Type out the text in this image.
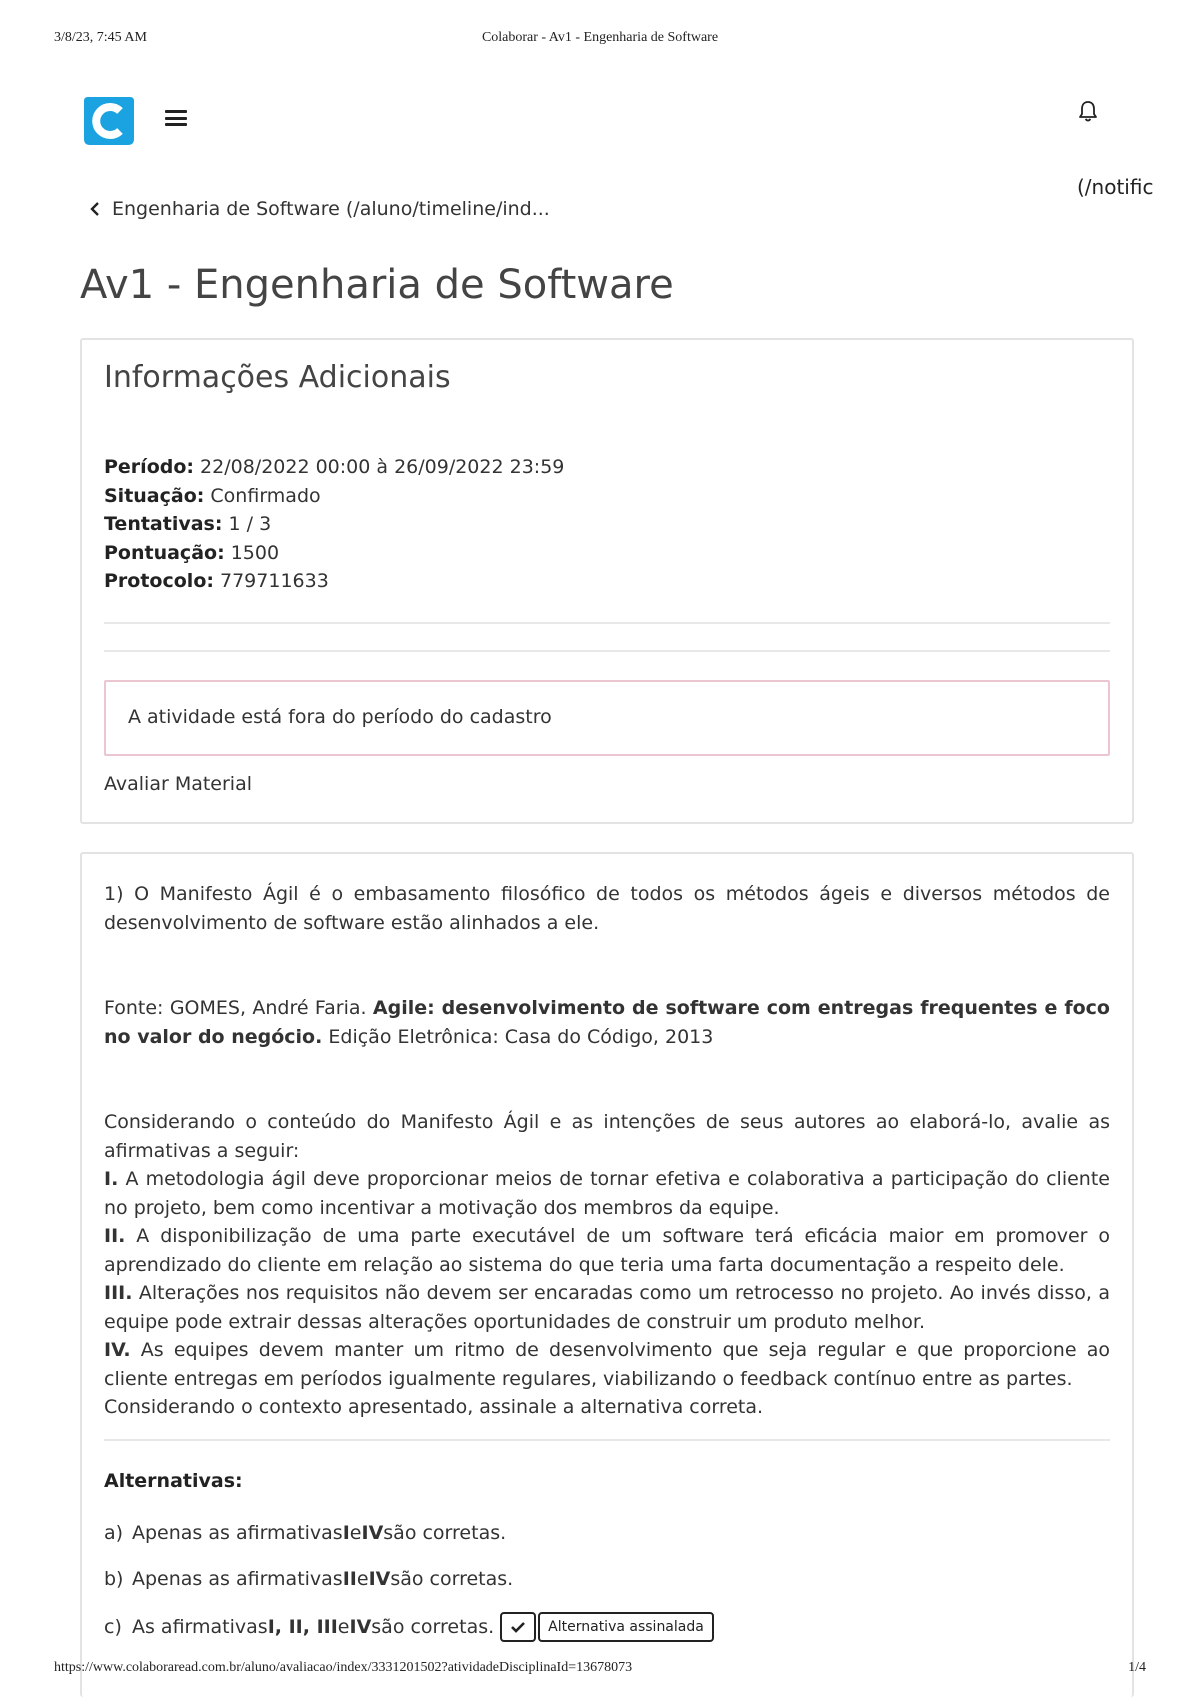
3/8/23, 7:45 AM	Colaborar - Av1 - Engenharia de Software
(/notific
Engenharia de Software (/aluno/timeline/ind...
Av1 - Engenharia de Software
Informações Adicionais
Período: 22/08/2022 00:00 à 26/09/2022 23:59
Situação: Confirmado
Tentativas: 1 / 3
Pontuação: 1500
Protocolo: 779711633
A atividade está fora do período do cadastro
Avaliar Material

1) O Manifesto Ágil é o embasamento filosófico de todos os métodos ágeis e diversos métodos de desenvolvimento de software estão alinhados a ele.

Fonte: GOMES, André Faria. Agile: desenvolvimento de software com entregas frequentes e foco no valor do negócio. Edição Eletrônica: Casa do Código, 2013

Considerando o conteúdo do Manifesto Ágil e as intenções de seus autores ao elaborá-lo, avalie as afirmativas a seguir:

I. A metodologia ágil deve proporcionar meios de tornar efetiva e colaborativa a participação do cliente no projeto, bem como incentivar a motivação dos membros da equipe.

II. A disponibilização de uma parte executável de um software terá eficácia maior em promover o aprendizado do cliente em relação ao sistema do que teria uma farta documentação a respeito dele.

III. Alterações nos requisitos não devem ser encaradas como um retrocesso no projeto. Ao invés disso, a equipe pode extrair dessas alterações oportunidades de construir um produto melhor.

IV. As equipes devem manter um ritmo de desenvolvimento que seja regular e que proporcione ao cliente entregas em períodos igualmente regulares, viabilizando o feedback contínuo entre as partes.

Considerando o contexto apresentado, assinale a alternativa correta.

Alternativas:
a) Apenas as afirmativas I e IV são corretas.
b) Apenas as afirmativas II e IV são corretas.
c) As afirmativas I, II, III e IV são corretas.	Alternativa assinalada
https://www.colaboraread.com.br/aluno/avaliacao/index/3331201502?atividadeDisciplinaId=13678073	1/4
